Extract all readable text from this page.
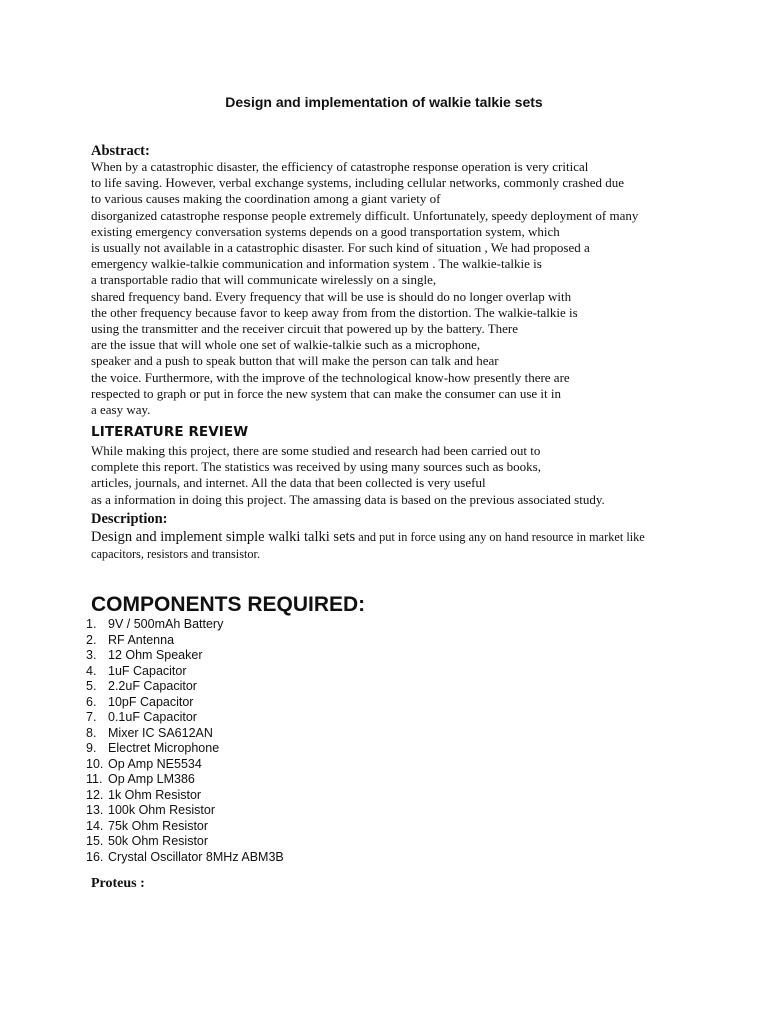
Design and implementation of walkie talkie sets
Abstract:
When by a catastrophic disaster, the efficiency of catastrophe response operation is very critical
to life saving. However, verbal exchange systems, including cellular networks, commonly crashed due
to various causes making the coordination among a giant variety of
disorganized catastrophe response people extremely difficult. Unfortunately, speedy deployment of many
existing emergency conversation systems depends on a good transportation system, which
is usually not available in a catastrophic disaster. For such kind of situation , We had proposed a
emergency walkie-talkie communication and information system . The walkie-talkie is
a transportable radio that will communicate wirelessly on a single,
shared frequency band. Every frequency that will be use is should do no longer overlap with
the other frequency because favor to keep away from from the distortion. The walkie-talkie is
using the transmitter and the receiver circuit that powered up by the battery. There
are the issue that will whole one set of walkie-talkie such as a microphone,
speaker and a push to speak button that will make the person can talk and hear
the voice. Furthermore, with the improve of the technological know-how presently there are
respected to graph or put in force the new system that can make the consumer can use it in
a easy way.
LITERATURE REVIEW
While making this project, there are some studied and research had been carried out to
complete this report. The statistics was received by using many sources such as books,
articles, journals, and internet. All the data that been collected is very useful
as a information in doing this project. The amassing data is based on the previous associated study.
Description:
Design and implement simple walki talki sets and put in force using any on hand resource in market like
capacitors, resistors and transistor.
COMPONENTS REQUIRED:
1. 9V / 500mAh Battery
2. RF Antenna
3. 12 Ohm Speaker
4. 1uF Capacitor
5. 2.2uF Capacitor
6. 10pF Capacitor
7. 0.1uF Capacitor
8. Mixer IC SA612AN
9. Electret Microphone
10. Op Amp NE5534
11. Op Amp LM386
12. 1k Ohm Resistor
13. 100k Ohm Resistor
14. 75k Ohm Resistor
15. 50k Ohm Resistor
16. Crystal Oscillator 8MHz ABM3B
Proteus :
